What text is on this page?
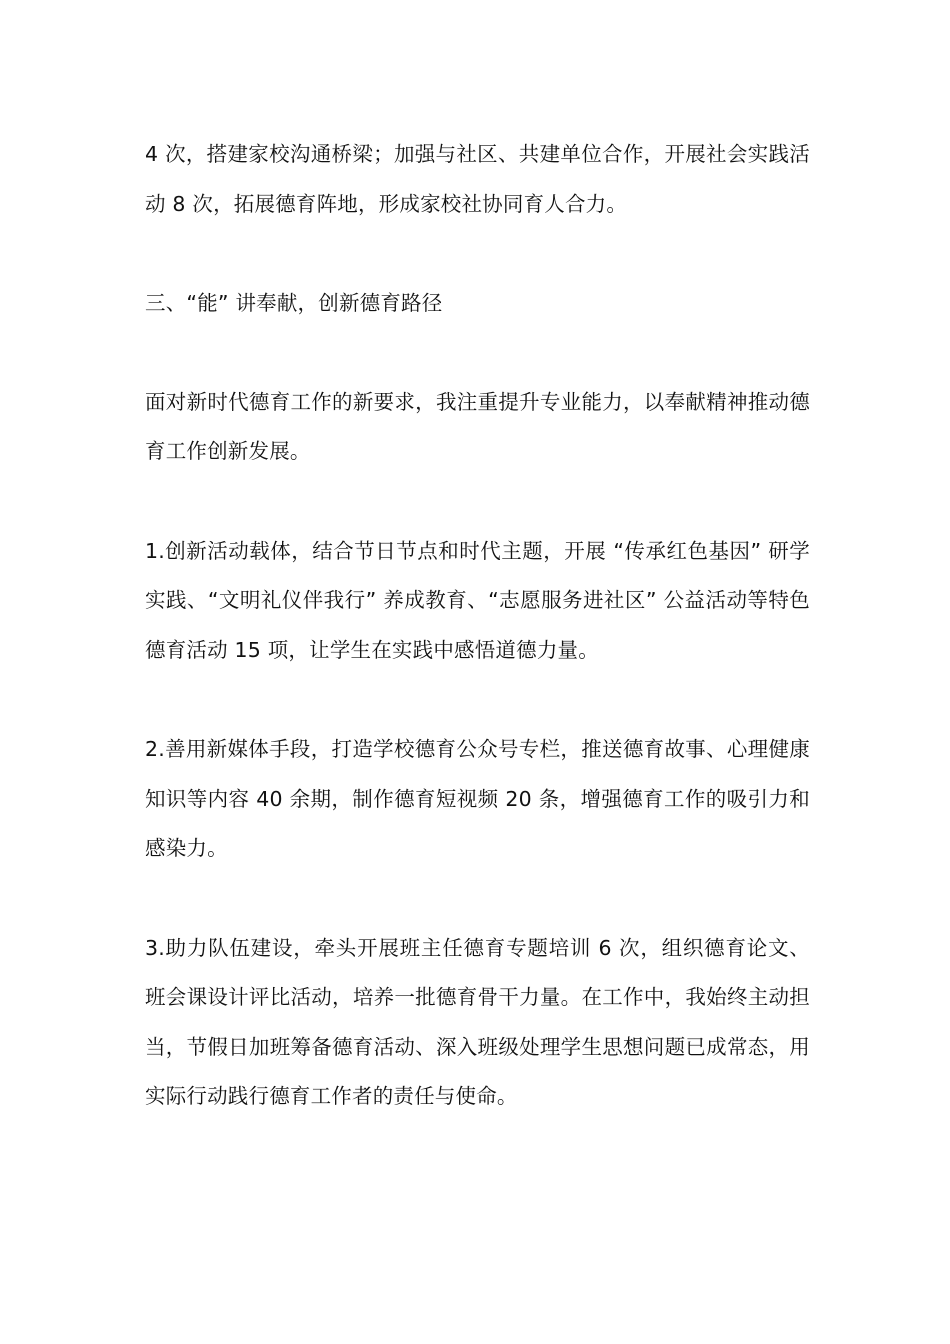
4 次，搭建家校沟通桥梁；加强与社区、共建单位合作，开展社会实践活动 8 次，拓展德育阵地，形成家校社协同育人合力。

三、“能” 讲奉献，创新德育路径

面对新时代德育工作的新要求，我注重提升专业能力，以奉献精神推动德育工作创新发展。

1.创新活动载体，结合节日节点和时代主题，开展 “传承红色基因” 研学实践、“文明礼仪伴我行” 养成教育、“志愿服务进社区” 公益活动等特色德育活动 15 项，让学生在实践中感悟道德力量。

2.善用新媒体手段，打造学校德育公众号专栏，推送德育故事、心理健康知识等内容 40 余期，制作德育短视频 20 条，增强德育工作的吸引力和感染力。

3.助力队伍建设，牵头开展班主任德育专题培训 6 次，组织德育论文、班会课设计评比活动，培养一批德育骨干力量。在工作中，我始终主动担当，节假日加班筹备德育活动、深入班级处理学生思想问题已成常态，用实际行动践行德育工作者的责任与使命。
